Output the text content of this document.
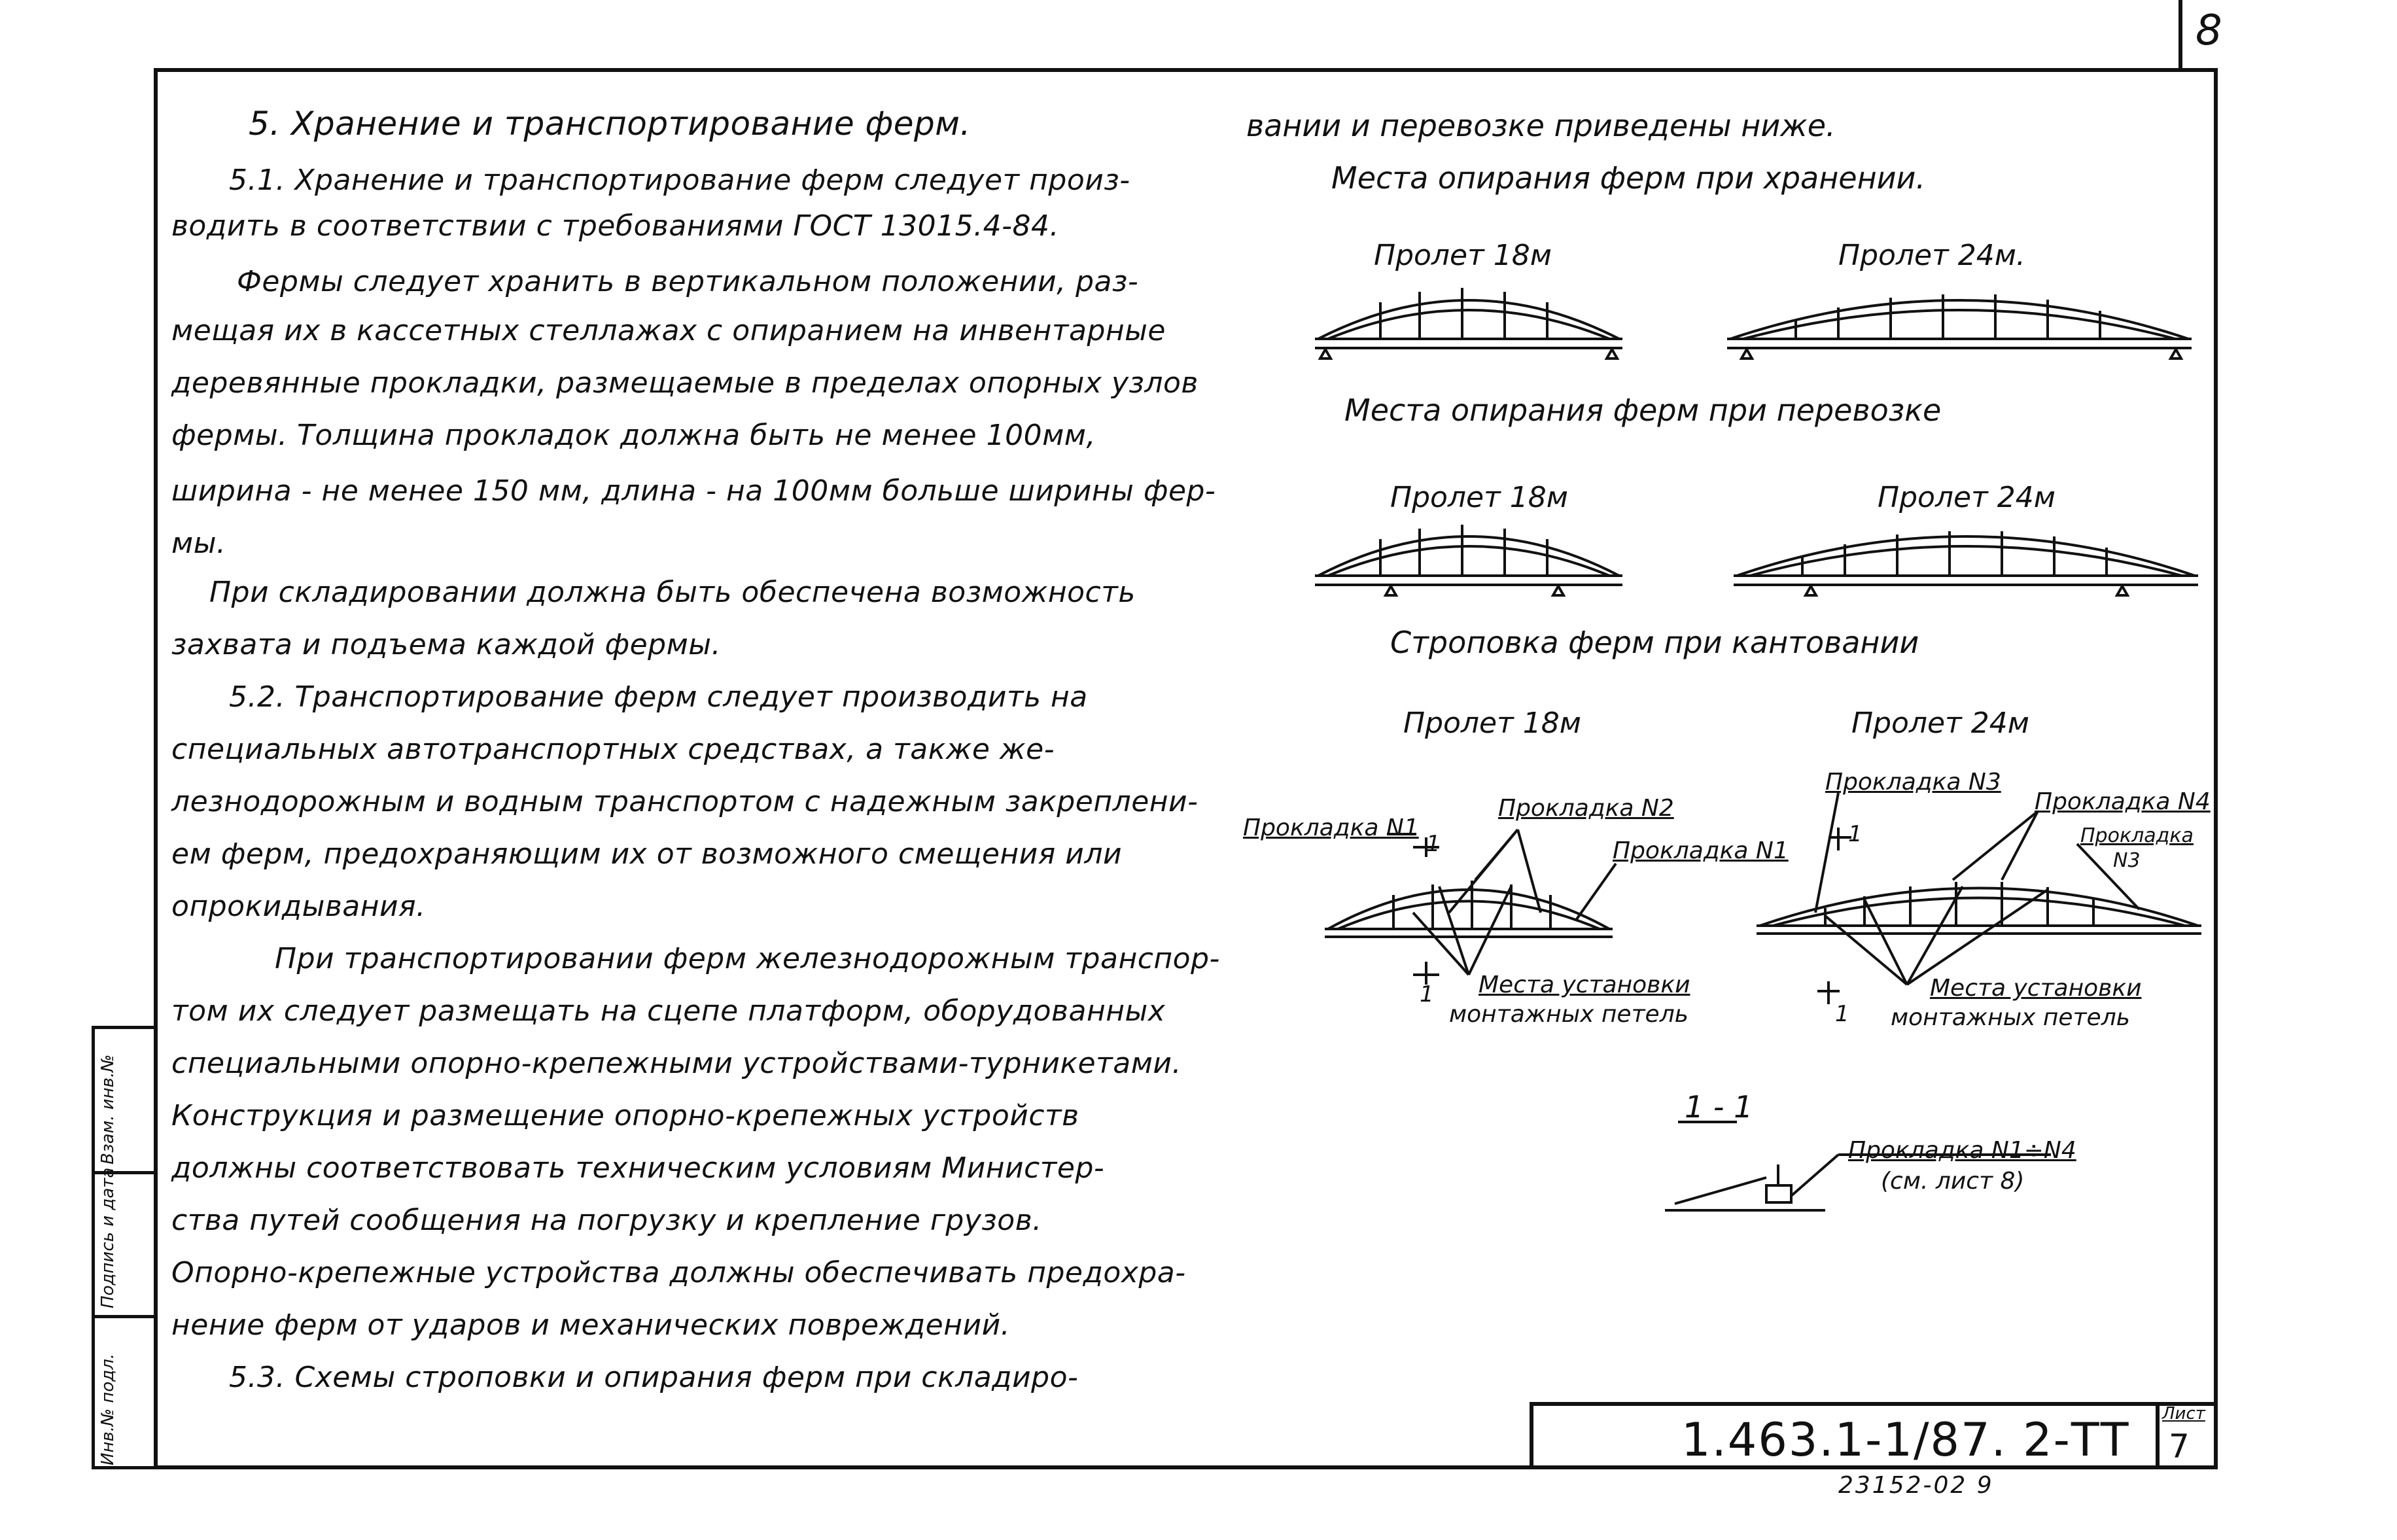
8
Взам. инв.№
Подпись и дата
Инв.№ подл.
5. Хранение и транспортирование ферм.
5.1. Хранение и транспортирование ферм следует произ-
водить в соответствии с требованиями ГОСТ 13015.4-84.
Фермы следует хранить в вертикальном положении, раз-
мещая их в кассетных стеллажах с опиранием на инвентарные
деревянные прокладки, размещаемые в пределах опорных узлов
фермы. Толщина прокладок должна быть не менее 100мм,
ширина - не менее 150 мм, длина - на 100мм больше ширины фер-
мы.
При складировании должна быть обеспечена возможность
захвата и подъема каждой фермы.
5.2. Транспортирование ферм следует производить на
специальных автотранспортных средствах, а также же-
лезнодорожным и водным транспортом с надежным закреплени-
ем ферм, предохраняющим их от возможного смещения или
опрокидывания.
При транспортировании ферм железнодорожным транспор-
том их следует размещать на сцепе платформ, оборудованных
специальными опорно-крепежными устройствами-турникетами.
Конструкция и размещение опорно-крепежных устройств
должны соответствовать техническим условиям Министер-
ства путей сообщения на погрузку и крепление грузов.
Опорно-крепежные устройства должны обеспечивать предохра-
нение ферм от ударов и механических повреждений.
5.3. Схемы строповки и опирания ферм при складиро-
вании и перевозке приведены ниже.
Места опирания ферм при хранении.
Пролет 18м	Пролет 24м.
Места опирания ферм при перевозке
Пролет 18м	Пролет 24м
Строповка ферм при кантовании
Пролет 18м	Пролет 24м
Прокладка N1
Прокладка N2
Прокладка N1
Прокладка N3
Прокладка N4
Прокладка
N3
Места установки
монтажных петель
Места установки
монтажных петель
1
1
1
1
1 - 1
Прокладка N1÷N4
(см. лист 8)
1.463.1-1/87. 2-ТТ Лист
7
23152-02 9
